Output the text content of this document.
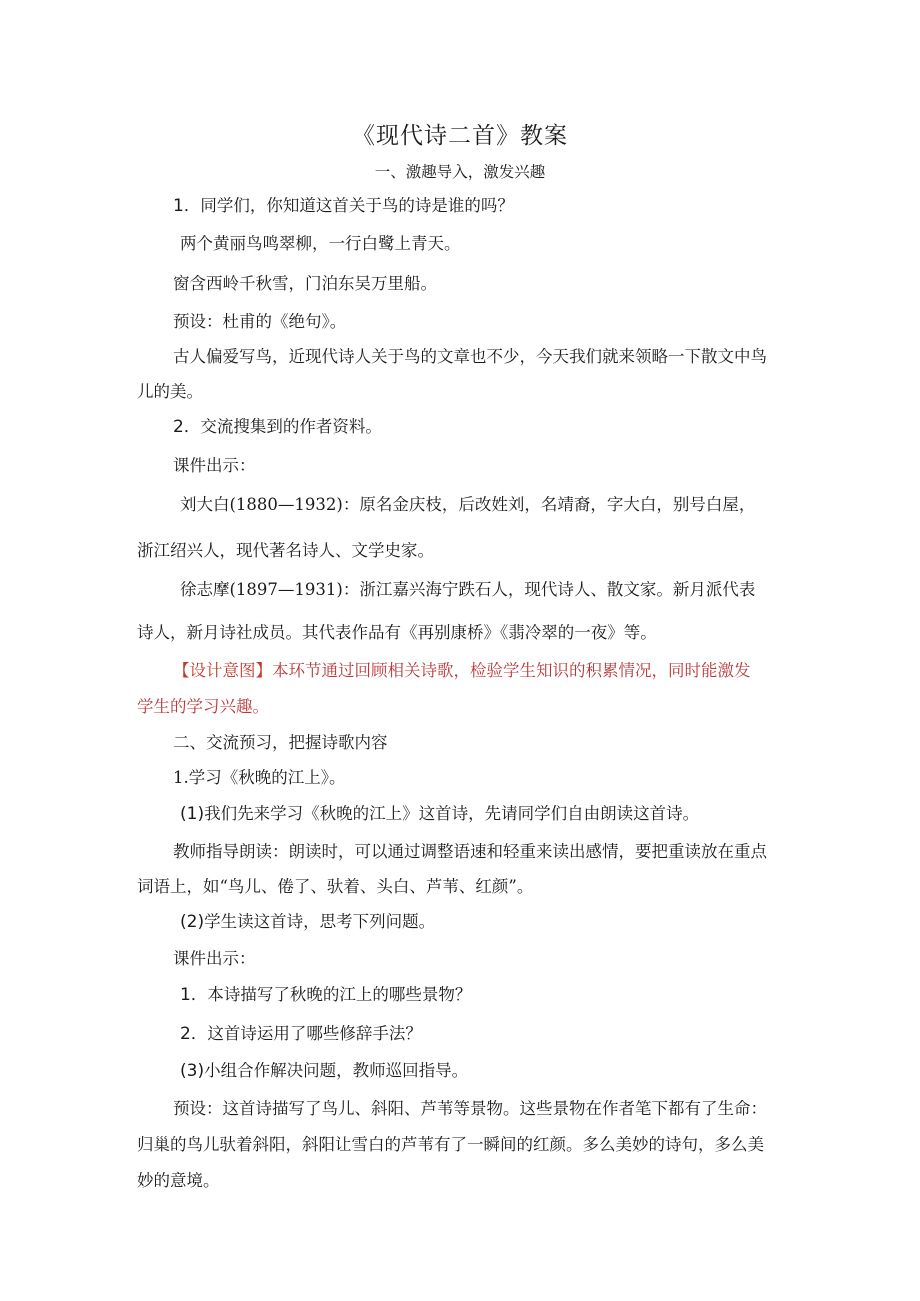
《现代诗二首》教案
一、激趣导入，激发兴趣
1．同学们，你知道这首关于鸟的诗是谁的吗？
两个黄丽鸟鸣翠柳，一行白鹭上青天。
窗含西岭千秋雪，门泊东吴万里船。
预设：杜甫的《绝句》。
古人偏爱写鸟，近现代诗人关于鸟的文章也不少，今天我们就来领略一下散文中鸟
儿的美。
2．交流搜集到的作者资料。
课件出示：
刘大白(1880—1932)：原名金庆枝，后改姓刘，名靖裔，字大白，别号白屋，
浙江绍兴人，现代著名诗人、文学史家。
徐志摩(1897—1931)：浙江嘉兴海宁跌石人，现代诗人、散文家。新月派代表
诗人，新月诗社成员。其代表作品有《再别康桥》《翡冷翠的一夜》等。
【设计意图】本环节通过回顾相关诗歌，检验学生知识的积累情况，同时能激发
学生的学习兴趣。
二、交流预习，把握诗歌内容
1.学习《秋晚的江上》。
(1)我们先来学习《秋晚的江上》这首诗，先请同学们自由朗读这首诗。
教师指导朗读：朗读时，可以通过调整语速和轻重来读出感情，要把重读放在重点
词语上，如“鸟儿、倦了、驮着、头白、芦苇、红颜”。
(2)学生读这首诗，思考下列问题。
课件出示：
1．本诗描写了秋晚的江上的哪些景物？
2．这首诗运用了哪些修辞手法？
(3)小组合作解决问题，教师巡回指导。
预设：这首诗描写了鸟儿、斜阳、芦苇等景物。这些景物在作者笔下都有了生命：
归巢的鸟儿驮着斜阳，斜阳让雪白的芦苇有了一瞬间的红颜。多么美妙的诗句，多么美
妙的意境。
